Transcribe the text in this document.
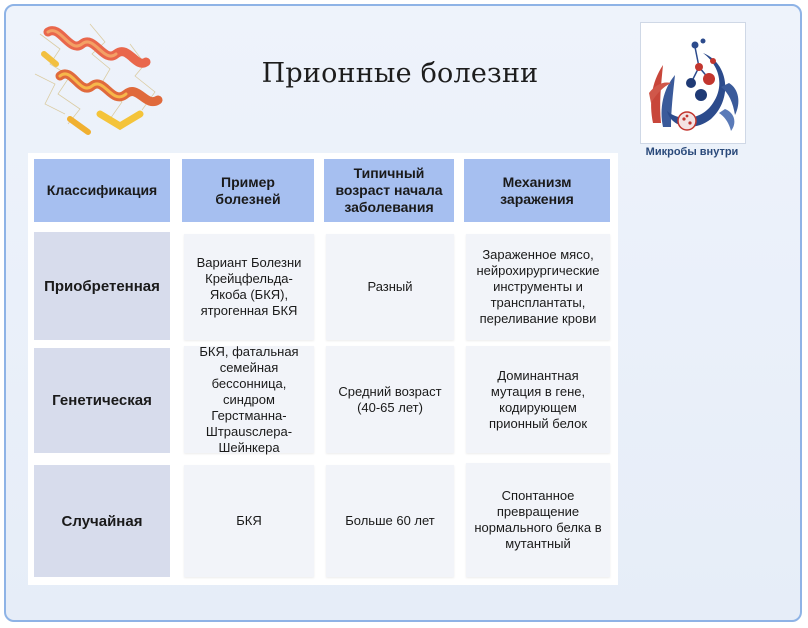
Прионные болезни
Микробы внутри
Классификация
Пример болезней
Типичный возраст начала заболевания
Механизм заражения
Приобретенная
Вариант Болезни Крейцфельда-Якоба (БКЯ), ятрогенная БКЯ
Разный
Зараженное мясо, нейрохирургические инструменты и трансплантаты, переливание крови
Генетическая
БКЯ, фатальная семейная бессонница, синдром Герстманна-Штрausслера-Шейнкера
Средний возраст (40-65 лет)
Доминантная мутация в гене, кодирующем прионный белок
Случайная	БКЯ	Больше 60 лет
Спонтанное превращение нормального белка в мутантный
